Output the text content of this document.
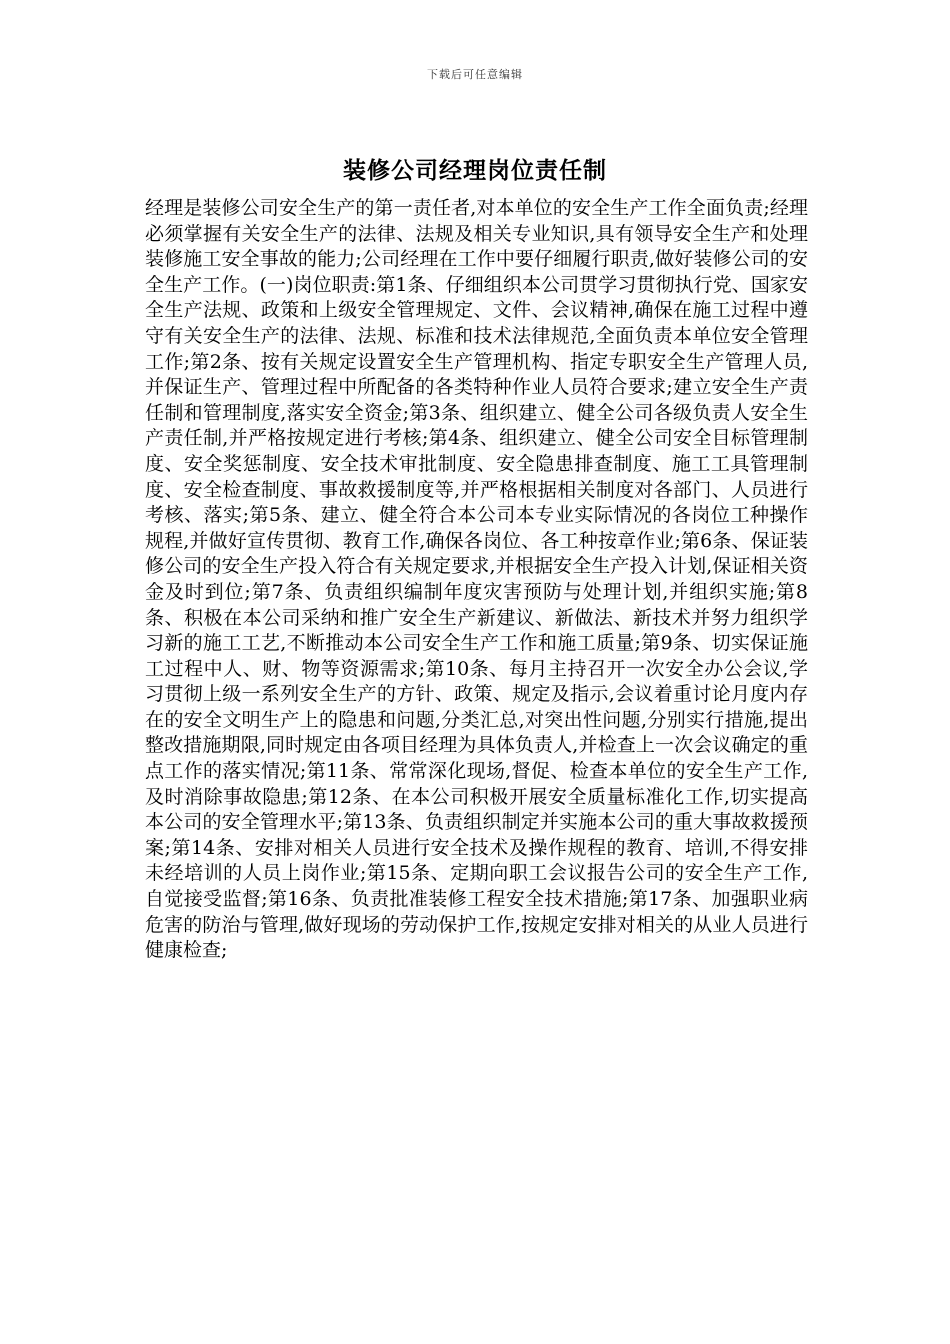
下载后可任意编辑
装修公司经理岗位责任制

经理是装修公司安全生产的第一责任者,对本单位的安全生产工作全面负责;经理必须掌握有关安全生产的法律、法规及相关专业知识,具有领导安全生产和处理装修施工安全事故的能力;公司经理在工作中要仔细履行职责,做好装修公司的安全生产工作。(一)岗位职责:第1条、仔细组织本公司贯学习贯彻执行党、国家安全生产法规、政策和上级安全管理规定、文件、会议精神,确保在施工过程中遵守有关安全生产的法律、法规、标准和技术法律规范,全面负责本单位安全管理工作;第2条、按有关规定设置安全生产管理机构、指定专职安全生产管理人员,并保证生产、管理过程中所配备的各类特种作业人员符合要求;建立安全生产责任制和管理制度,落实安全资金;第3条、组织建立、健全公司各级负责人安全生产责任制,并严格按规定进行考核;第4条、组织建立、健全公司安全目标管理制度、安全奖惩制度、安全技术审批制度、安全隐患排查制度、施工工具管理制度、安全检查制度、事故救援制度等,并严格根据相关制度对各部门、人员进行考核、落实;第5条、建立、健全符合本公司本专业实际情况的各岗位工种操作规程,并做好宣传贯彻、教育工作,确保各岗位、各工种按章作业;第6条、保证装修公司的安全生产投入符合有关规定要求,并根据安全生产投入计划,保证相关资金及时到位;第7条、负责组织编制年度灾害预防与处理计划,并组织实施;第8条、积极在本公司采纳和推广安全生产新建议、新做法、新技术并努力组织学习新的施工工艺,不断推动本公司安全生产工作和施工质量;第9条、切实保证施工过程中人、财、物等资源需求;第10条、每月主持召开一次安全办公会议,学习贯彻上级一系列安全生产的方针、政策、规定及指示,会议着重讨论月度内存在的安全文明生产上的隐患和问题,分类汇总,对突出性问题,分别实行措施,提出整改措施期限,同时规定由各项目经理为具体负责人,并检查上一次会议确定的重点工作的落实情况;第11条、常常深化现场,督促、检查本单位的安全生产工作,及时消除事故隐患;第12条、在本公司积极开展安全质量标准化工作,切实提高本公司的安全管理水平;第13条、负责组织制定并实施本公司的重大事故救援预案;第14条、安排对相关人员进行安全技术及操作规程的教育、培训,不得安排未经培训的人员上岗作业;第15条、定期向职工会议报告公司的安全生产工作,自觉接受监督;第16条、负责批准装修工程安全技术措施;第17条、加强职业病危害的防治与管理,做好现场的劳动保护工作,按规定安排对相关的从业人员进行健康检查;
